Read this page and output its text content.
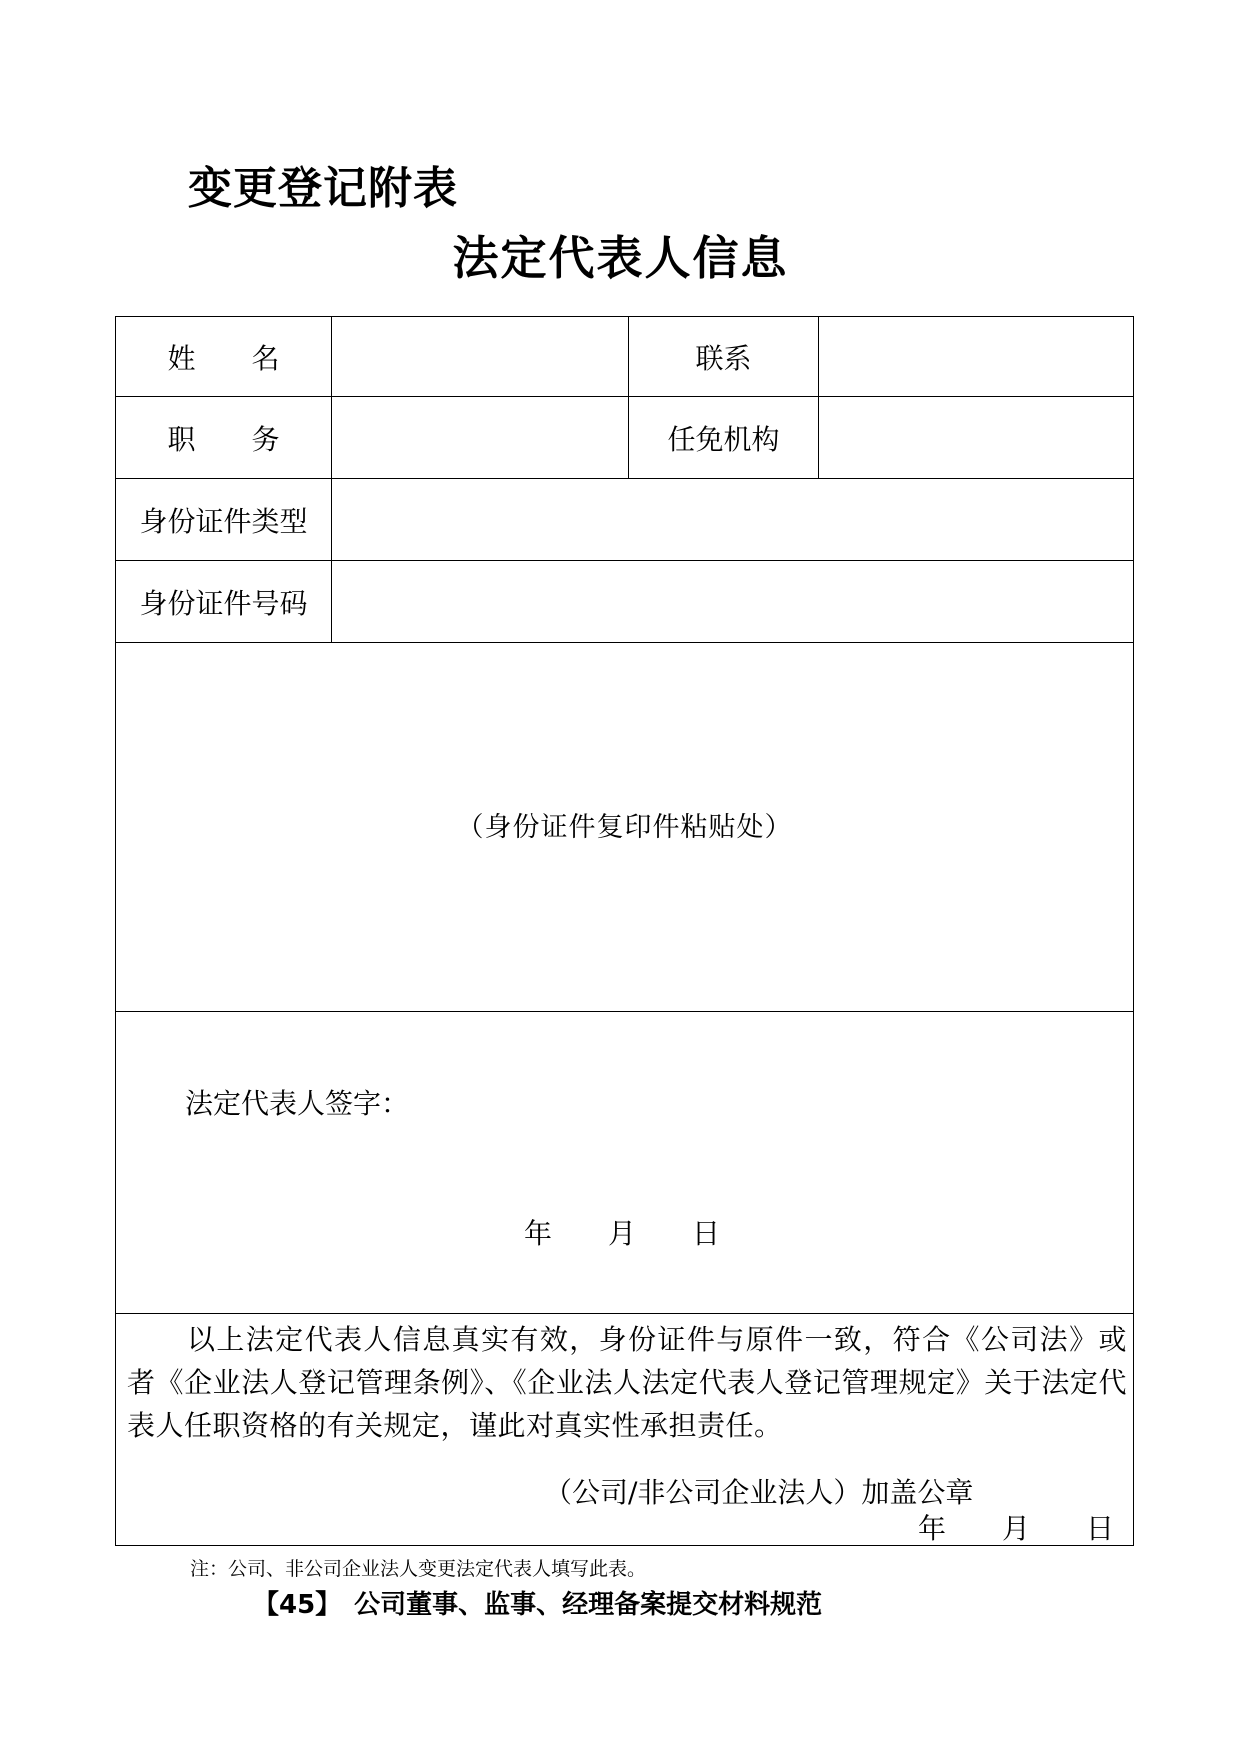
变更登记附表
法定代表人信息
姓　　名	联系
职　　务	任免机构
身份证件类型
身份证件号码
（身份证件复印件粘贴处）
法定代表人签字：
年　　月　　日
以上法定代表人信息真实有效，身份证件与原件一致，符合《公司法》或者《企业法人登记管理条例》、《企业法人法定代表人登记管理规定》关于法定代表人任职资格的有关规定，谨此对真实性承担责任。
（公司/非公司企业法人）加盖公章
年　　月　　日
注：公司、非公司企业法人变更法定代表人填写此表。
【45】　公司董事、监事、经理备案提交材料规范
